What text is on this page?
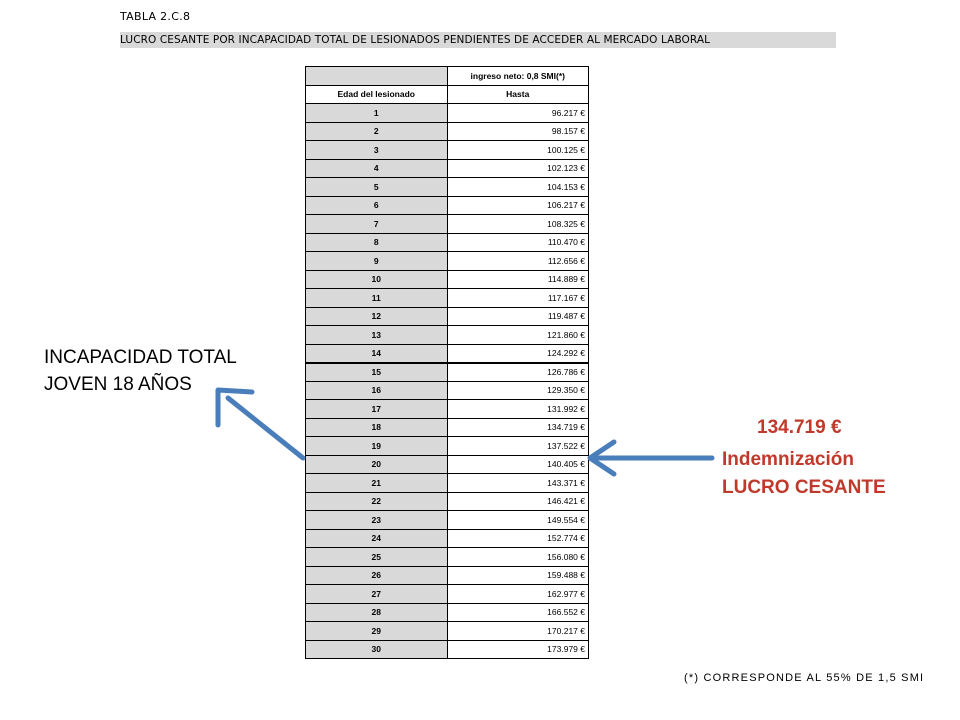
TABLA 2.C.8
LUCRO CESANTE POR INCAPACIDAD TOTAL DE LESIONADOS PENDIENTES DE ACCEDER AL MERCADO LABORAL
	ingreso neto: 0,8 SMI(*)
Edad del lesionado	Hasta
1	96.217 €
2	98.157 €
3	100.125 €
4	102.123 €
5	104.153 €
6	106.217 €
7	108.325 €
8	110.470 €
9	112.656 €
10	114.889 €
11	117.167 €
12	119.487 €
13	121.860 €
14	124.292 €
15	126.786 €
16	129.350 €
17	131.992 €
18	134.719 €
19	137.522 €
20	140.405 €
21	143.371 €
22	146.421 €
23	149.554 €
24	152.774 €
25	156.080 €
26	159.488 €
27	162.977 €
28	166.552 €
29	170.217 €
30	173.979 €
INCAPACIDAD TOTAL
JOVEN 18 AÑOS
134.719 €
Indemnización
LUCRO CESANTE
(*) CORRESPONDE AL 55% DE 1,5 SMI
